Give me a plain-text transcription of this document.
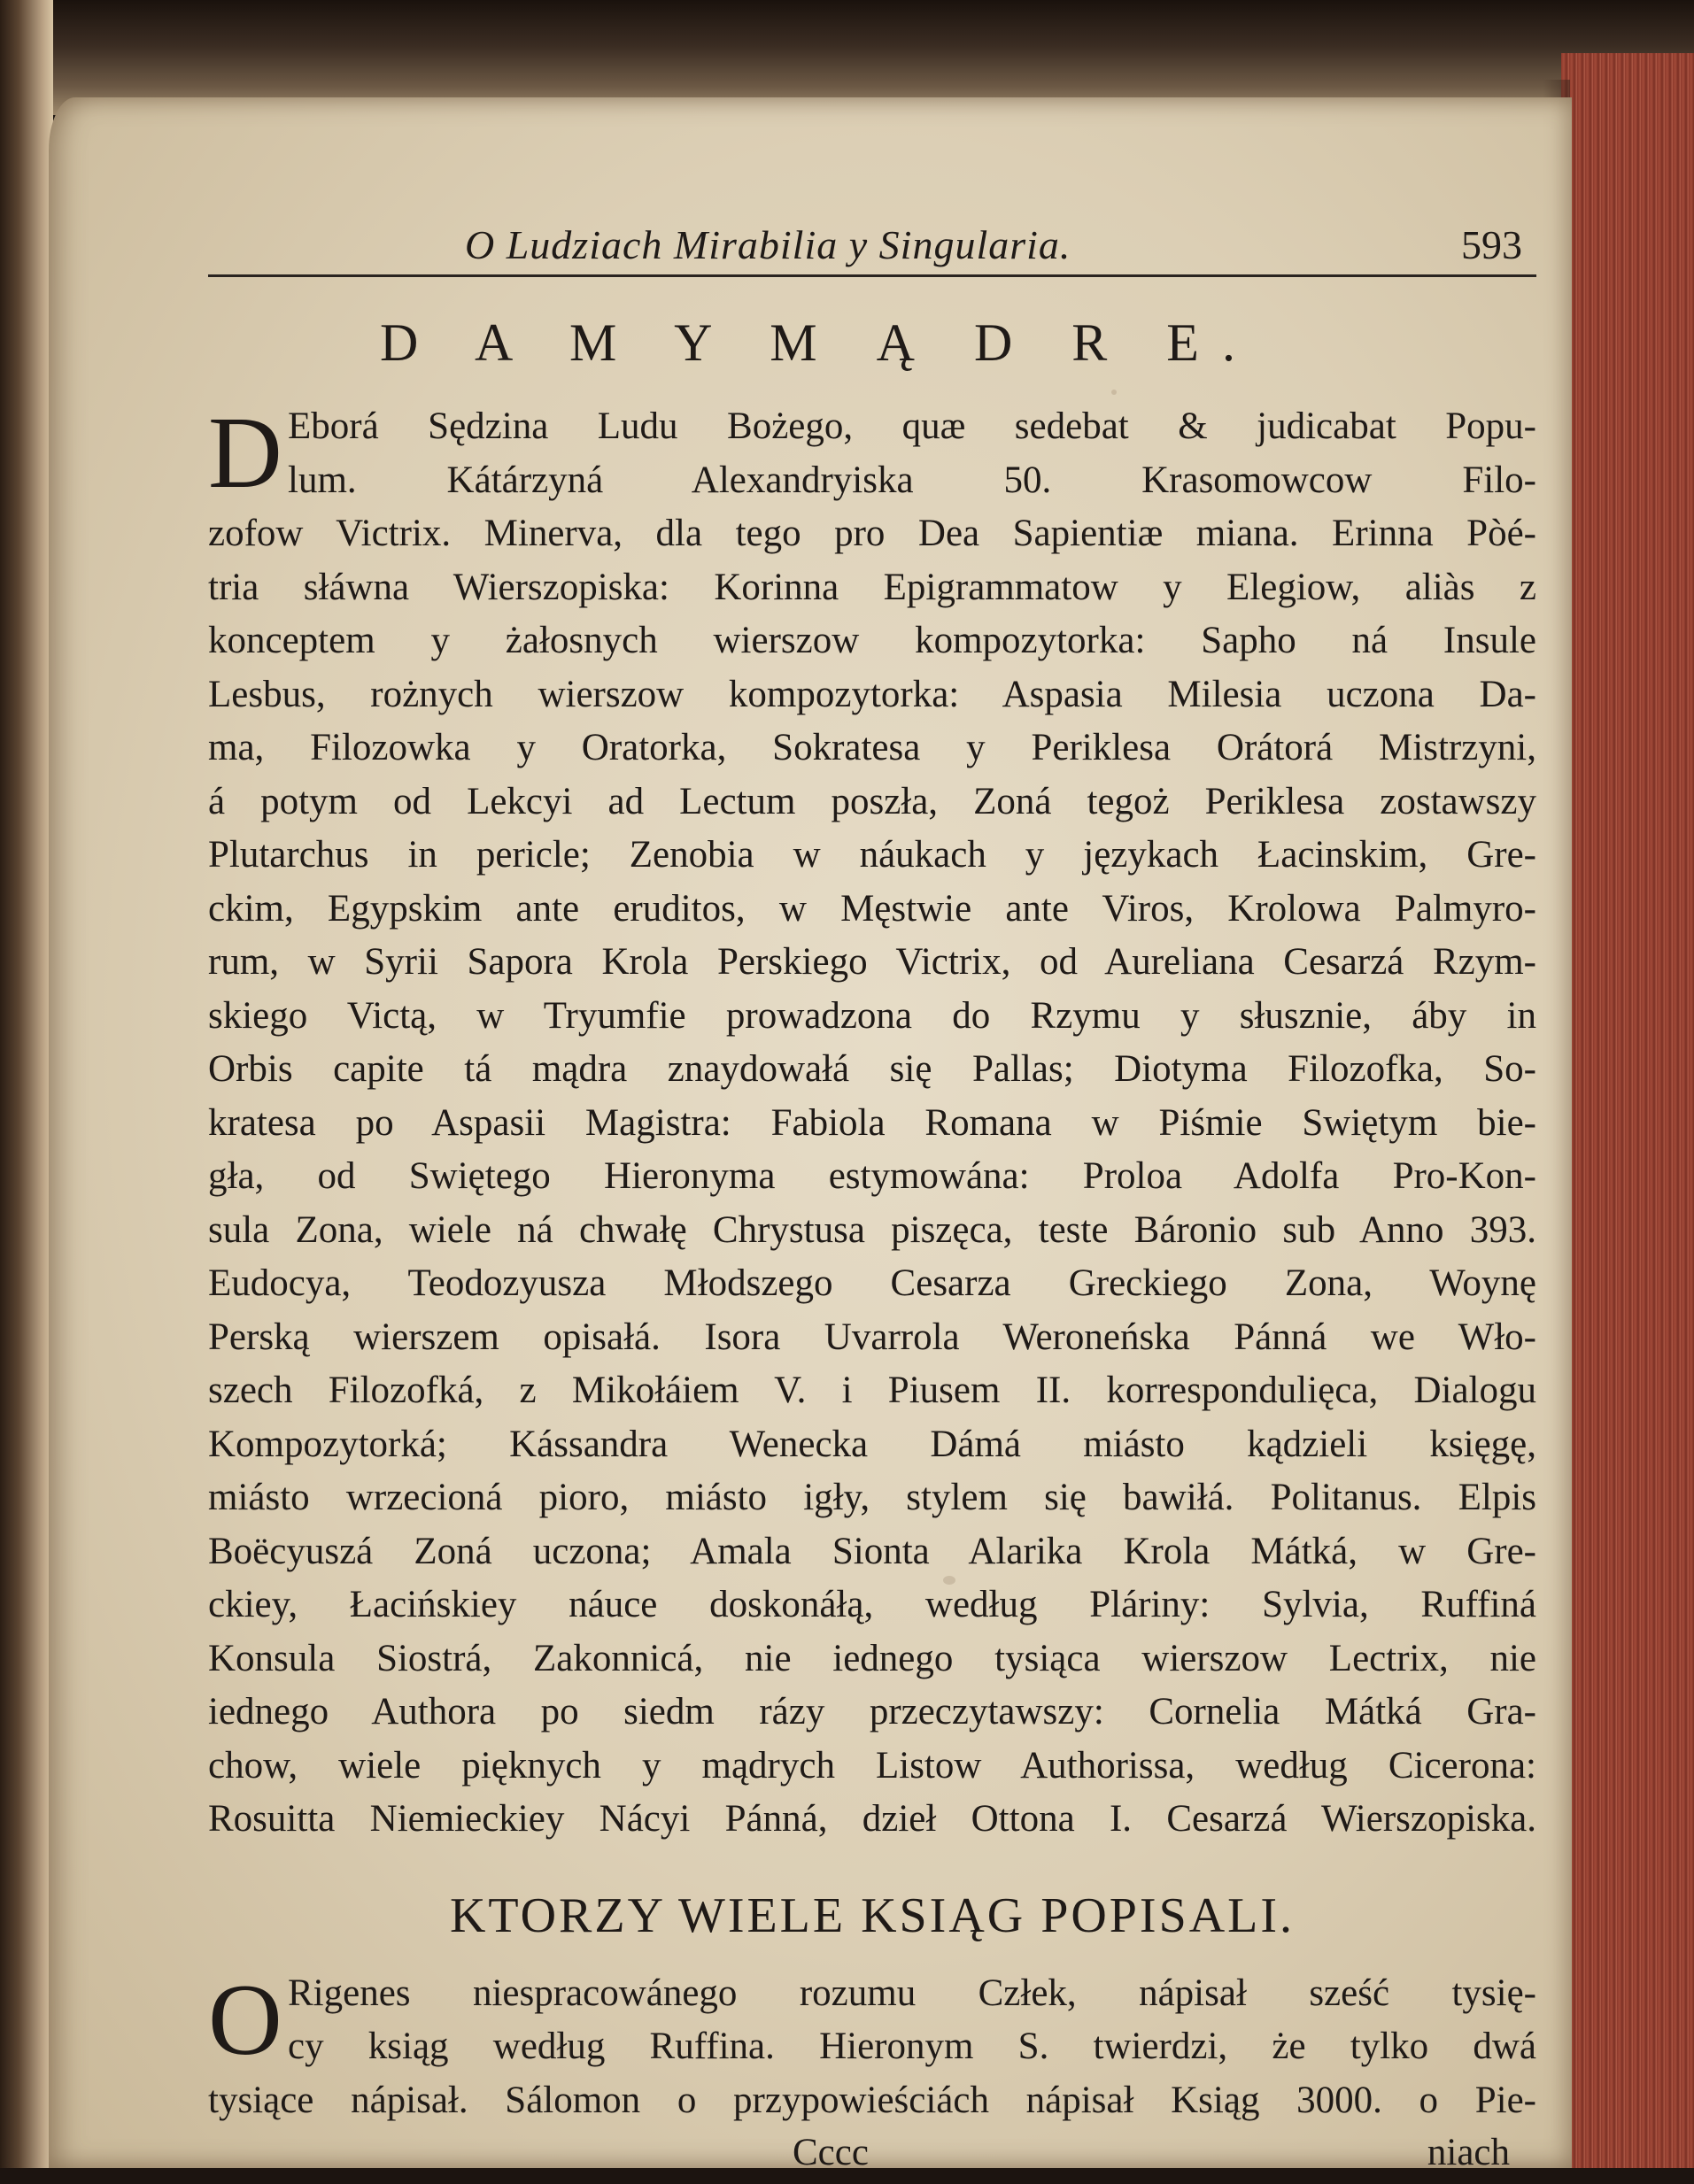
O Ludziach Mirabilia y Singularia.	593
D A M Y M Ą D R E.
D Eborá Sędzina Ludu Bożego, quæ sedebat & judicabat Popu-
lum. Kátárzyná Alexandryiska 50. Krasomowcow Filo-
zofow Victrix. Minerva, dla tego pro Dea Sapientiæ miana. Erinna Pòé-
tria słáwna Wierszopiska: Korinna Epigrammatow y Elegiow, aliàs z
konceptem y żałosnych wierszow kompozytorka: Sapho ná Insule
Lesbus, rożnych wierszow kompozytorka: Aspasia Milesia uczona Da-
ma, Filozowka y Oratorka, Sokratesa y Periklesa Orátorá Mistrzyni,
á potym od Lekcyi ad Lectum poszła, Zoná tegoż Periklesa zostawszy
Plutarchus in pericle; Zenobia w náukach y językach Łacinskim, Gre-
ckim, Egypskim ante eruditos, w Męstwie ante Viros, Krolowa Palmyro-
rum, w Syrii Sapora Krola Perskiego Victrix, od Aureliana Cesarzá Rzym-
skiego Victą, w Tryumfie prowadzona do Rzymu y słusznie, áby in
Orbis capite tá mądra znaydowałá się Pallas; Diotyma Filozofka, So-
kratesa po Aspasii Magistra: Fabiola Romana w Piśmie Swiętym bie-
gła, od Swiętego Hieronyma estymowána: Proloa Adolfa Pro-Kon-
sula Zona, wiele ná chwałę Chrystusa piszęca, teste Báronio sub Anno 393.
Eudocya, Teodozyusza Młodszego Cesarza Greckiego Zona, Woynę
Perską wierszem opisałá. Isora Uvarrola Weroneńska Pánná we Wło-
szech Filozofká, z Mikołáiem V. i Piusem II. korrespondulięca, Dialogu
Kompozytorká; Kássandra Wenecka Dámá miásto kądzieli księgę,
miásto wrzecioná pioro, miásto igły, stylem się bawiłá. Politanus. Elpis
Boëcyuszá Zoná uczona; Amala Sionta Alarika Krola Mátká, w Gre-
ckiey, Łacińskiey náuce doskonáłą, według Pláriny: Sylvia, Ruffiná
Konsula Siostrá, Zakonnicá, nie iednego tysiąca wierszow Lectrix, nie
iednego Authora po siedm rázy przeczytawszy: Cornelia Mátká Gra-
chow, wiele pięknych y mądrych Listow Authorissa, według Cicerona:
Rosuitta Niemieckiey Nácyi Pánná, dzieł Ottona I. Cesarzá Wierszopiska.

KTORZY WIELE KSIĄG POPISALI.
O Rigenes niespracowánego rozumu Człek, nápisał sześć tysię-
cy ksiąg według Ruffina. Hieronym S. twierdzi, że tylko dwá
tysiące nápisał. Sálomon o przypowieściách nápisał Ksiąg 3000. o Pie-

Cccc	niach
